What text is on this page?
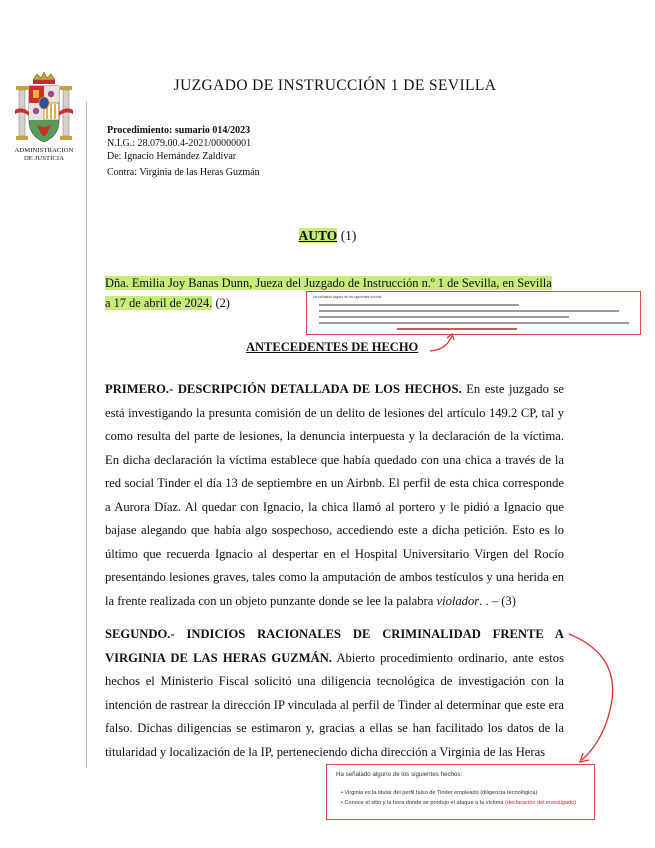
ADMINISTRACION
DE JUSTICIA
JUZGADO DE INSTRUCCIÓN 1 DE SEVILLA
Procedimiento: sumario 014/2023
N.I.G.: 28.079.00.4-2021/00000001
De: Ignacio Hernández Zaldívar
Contra: Virginia de las Heras Guzmán
AUTO (1)
Dña. Emilia Joy Banas Dunn, Jueza del Juzgado de Instrucción n.º 1 de Sevilla, en Sevilla
a 17 de abril de 2024. (2)	Ha señalado alguno de los siguientes hechos:
ANTECEDENTES DE HECHO
PRIMERO.- DESCRIPCIÓN DETALLADA DE LOS HECHOS. En este juzgado se está investigando la presunta comisión de un delito de lesiones del artículo 149.2 CP, tal y como resulta del parte de lesiones, la denuncia interpuesta y la declaración de la víctima. En dicha declaración la víctima establece que había quedado con una chica a través de la red social Tinder el día 13 de septiembre en un Airbnb. El perfil de esta chica corresponde a Aurora Díaz. Al quedar con Ignacio, la chica llamó al portero y le pidió a Ignacio que bajase alegando que había algo sospechoso, accediendo este a dicha petición. Esto es lo último que recuerda Ignacio al despertar en el Hospital Universitario Virgen del Rocío presentando lesiones graves, tales como la amputación de ambos testículos y una herida en la frente realizada con un objeto punzante donde se lee la palabra violador. . – (3)
SEGUNDO.- INDICIOS RACIONALES DE CRIMINALIDAD FRENTE A VIRGINIA DE LAS HERAS GUZMÁN. Abierto procedimiento ordinario, ante estos hechos el Ministerio Fiscal solicitó una diligencia tecnológica de investigación con la intención de rastrear la dirección IP vinculada al perfil de Tinder al determinar que este era falso. Dichas diligencias se estimaron y, gracias a ellas se han facilitado los datos de la titularidad y localización de la IP, perteneciendo dicha dirección a Virginia de las Heras
Ha señalado alguno de los siguientes hechos:
• Virginia es la titular del perfil falso de Tinder empleado (diligencia tecnológica)
• Conoce el sitio y la hora donde se produjo el ataque a la víctima (declaración del investigado)
